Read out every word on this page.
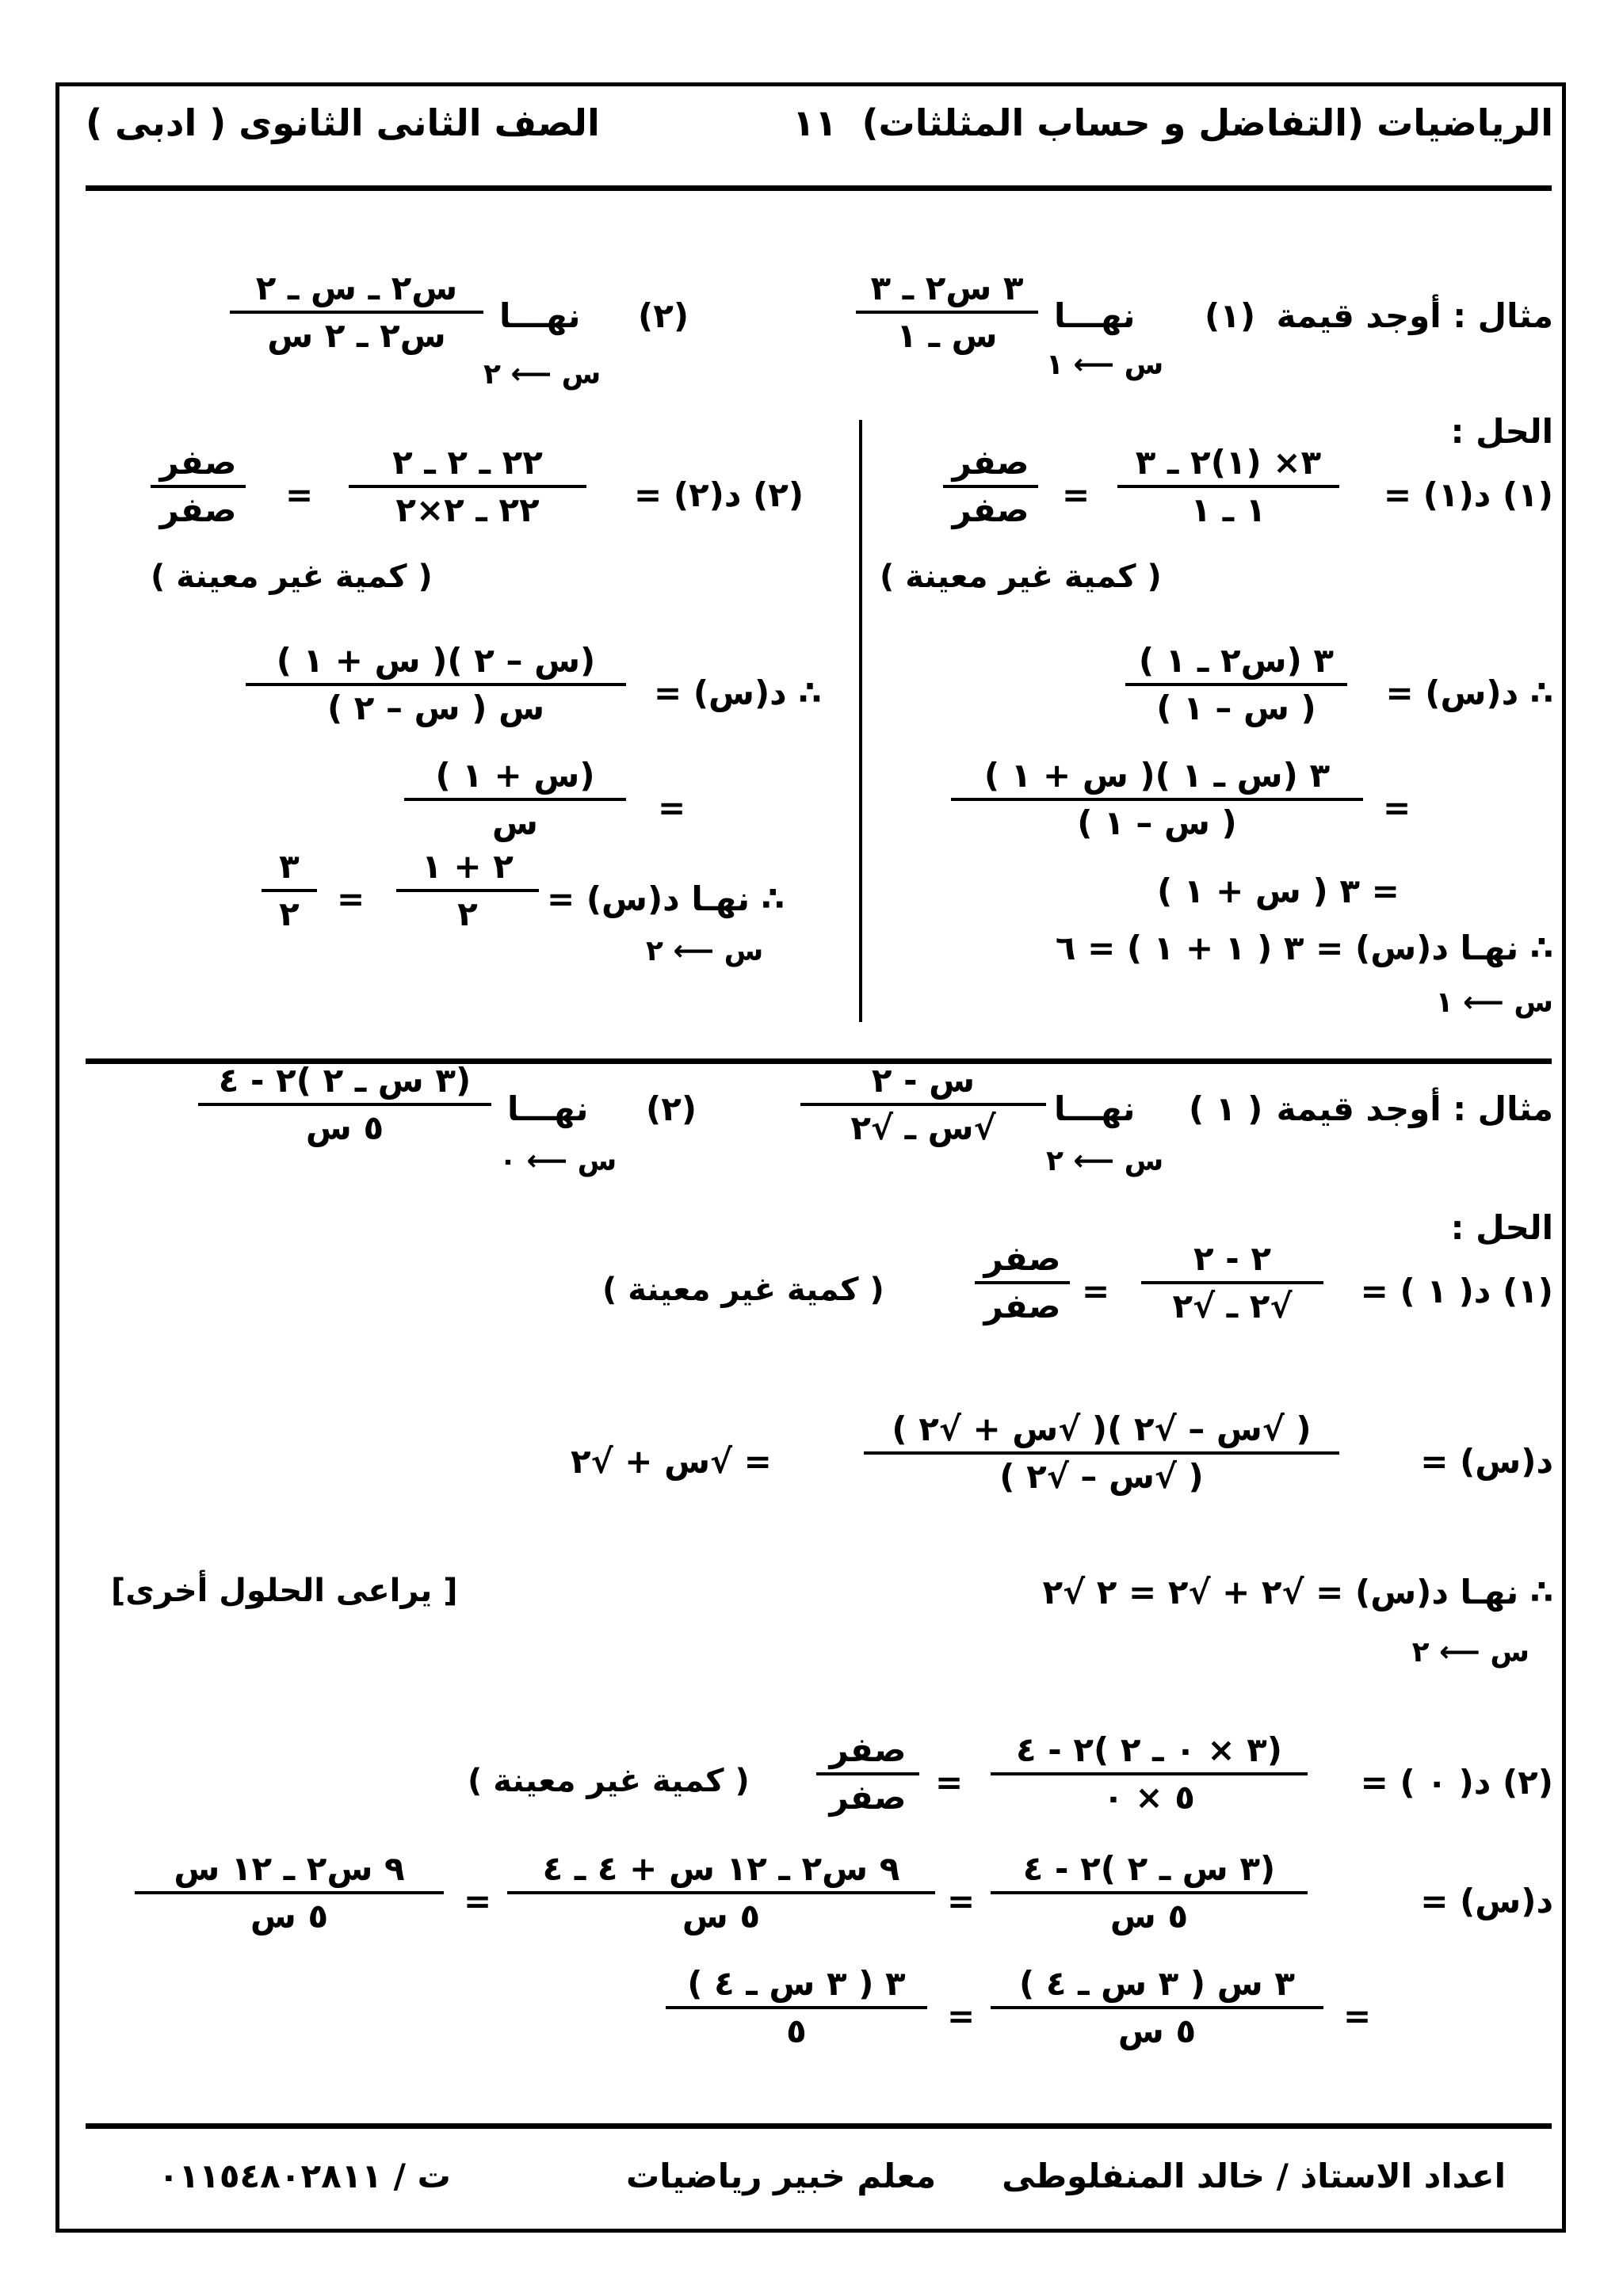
الرياضيات (التفاضل و حساب المثلثات)
١١
الصف الثانى الثانوى ( ادبى )
مثال : أوجد قيمة
(١)
نهـــا
س ⟵ ١
٣ س٢ ـ ٣
س ـ ١
(٢)
نهـــا
س ⟵ ٢
س٢ ـ س ـ ٢
س٢ ـ ٢ س
الحل :
(١) د(١) =
٣× (١)٢ ـ ٣
١ ـ ١
=
صفر
صفر
( كمية غير معينة )
∴ د(س) =
٣ (س٢ ـ ١ )
( س – ١ )
=
٣ (س ـ ١ )( س + ١ )
( س – ١ )
= ٣ ( س + ١ )
∴ نهـا د(س) = ٣ ( ١ + ١ ) = ٦
س ⟵ ١
(٢) د(٢) =
٢٢ ـ ٢ ـ ٢
٢٢ ـ ٢×٢
=
صفر
صفر
( كمية غير معينة )
∴ د(س) =
(س – ٢ )( س + ١ )
س ( س – ٢ )
=
(س + ١ )
س
∴ نهـا د(س) =
س ⟵ ٢
٢ + ١
٢
=
٣
٢
مثال : أوجد قيمة
( ١ )
نهـــا
س ⟵ ٢
س - ٢
√س ـ √٢
(٢)
نهـــا
س ⟵ ٠
(٣ س ـ ٢ )٢ - ٤
٥ س
الحل :
(١) د( ١ ) =
٢ - ٢
√٢ ـ √٢
=
صفر
صفر
( كمية غير معينة )
د(س) =
( √س – √٢ )( √س + √٢ )
( √س – √٢ )
= √س + √٢
∴ نهـا د(س) = √٢ + √٢ = ٢ √٢
س ⟵ ٢
[ يراعى الحلول أخرى]
(٢) د( ٠ ) =
(٣ × ٠ ـ ٢ )٢ - ٤
٥ × ٠
=
صفر
صفر
( كمية غير معينة )
د(س) =
(٣ س ـ ٢ )٢ - ٤
٥ س
=
٩ س٢ ـ ١٢ س + ٤ ـ ٤
٥ س
=
٩ س٢ ـ ١٢ س
٥ س
=
٣ س ( ٣ س ـ ٤ )
٥ س
=
٣ ( ٣ س ـ ٤ )
٥
اعداد الاستاذ / خالد المنفلوطى
معلم خبير رياضيات
ت / ٠١١٥٤٨٠٢٨١١
